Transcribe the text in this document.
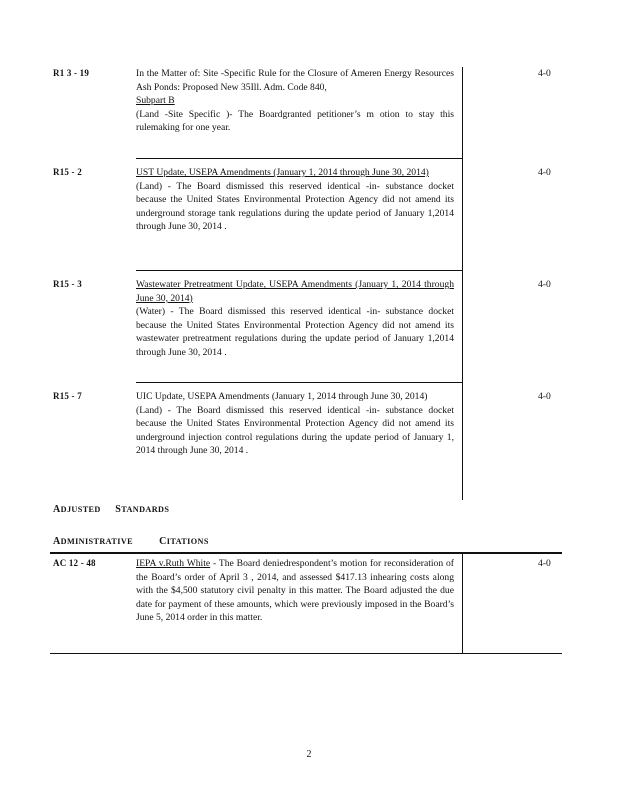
R1 3 - 19	In the Matter of: Site -Specific Rule for the Closure of Ameren Energy Resources Ash Ponds: Proposed New 35Ill. Adm. Code 840,

Subpart B

(Land -Site Specific )- The Boardgranted petitioner’s m otion to stay this rulemaking for one year.

4-0
R15 - 2	UST Update, USEPA Amendments (January 1, 2014 through June 30, 2014)

(Land) - The Board dismissed this reserved identical -in- substance docket because the United States Environmental Protection Agency did not amend its underground storage tank regulations during the update period of January 1,2014 through June 30, 2014 .

4-0
R15 - 3	Wastewater Pretreatment Update, USEPA Amendments (January 1, 2014 through June 30, 2014)

(Water) - The Board dismissed this reserved identical -in- substance docket because the United States Environmental Protection Agency did not amend its wastewater pretreatment regulations during the update period of January 1,2014 through June 30, 2014 .

4-0
R15 - 7	UIC Update, USEPA Amendments (January 1, 2014 through June 30, 2014)

(Land) - The Board dismissed this reserved identical -in- substance docket because the United States Environmental Protection Agency did not amend its underground injection control regulations during the update period of January 1, 2014 through June 30, 2014 .

4-0
ADJUSTED STANDARDS
ADMINISTRATIVE	CITATIONS
AC 12 - 48	IEPA v.Ruth White - The Board deniedrespondent’s motion for reconsideration of the Board’s order of April 3 , 2014, and assessed $417.13 inhearing costs along with the $4,500 statutory civil penalty in this matter. The Board adjusted the due date for payment of these amounts, which were previously imposed in the Board’s June 5, 2014 order in this matter.

4-0
2
